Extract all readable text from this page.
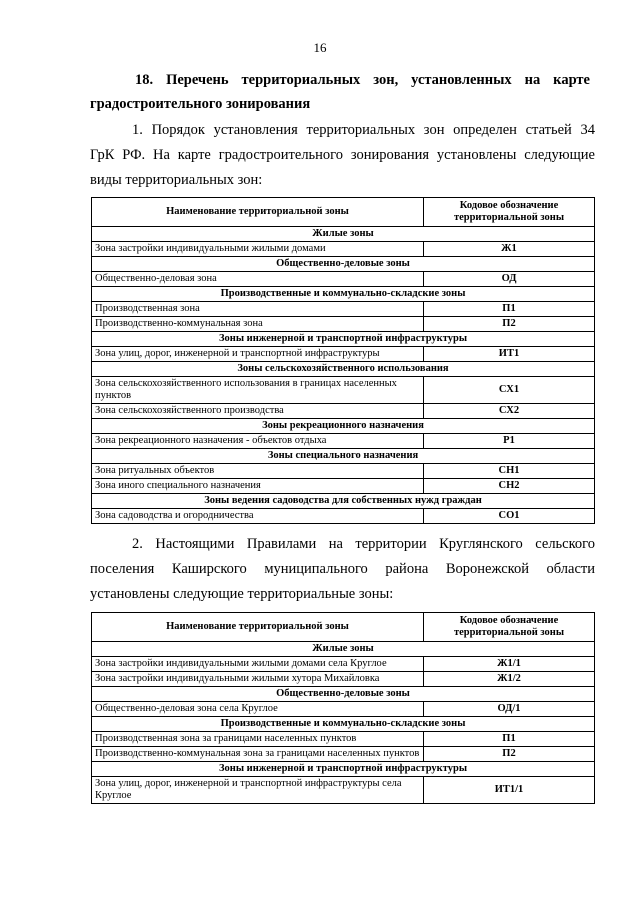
16
18. Перечень территориальных зон, установленных на карте
градостроительного зонирования
1. Порядок установления территориальных зон определен статьей 34
ГрК РФ. На карте градостроительного зонирования установлены следующие
виды территориальных зон:
Наименование территориальной зоны	Кодовое обозначение территориальной зоны
Жилые зоны	
Зона застройки индивидуальными жилыми домами	Ж1
Общественно-деловые зоны	
Общественно-деловая зона	ОД
Производственные и коммунально-складские зоны	
Производственная зона	П1
Производственно-коммунальная зона	П2
Зоны инженерной и транспортной инфраструктуры	
Зона улиц, дорог, инженерной и транспортной инфраструктуры	ИТ1
Зоны сельскохозяйственного использования	
Зона сельскохозяйственного использования в границах населенных пунктов	СХ1
Зона сельскохозяйственного производства	СХ2
Зоны рекреационного назначения	
Зона рекреационного назначения - объектов отдыха	Р1
Зоны специального назначения	
Зона ритуальных объектов	СН1
Зона иного специального назначения	СН2
Зоны ведения садоводства для собственных нужд граждан	
Зона садоводства и огородничества	СО1
2. Настоящими Правилами на территории Круглянского сельского
поселения Каширского муниципального района Воронежской области
установлены следующие территориальные зоны:
Наименование территориальной зоны	Кодовое обозначение территориальной зоны
Жилые зоны	
Зона застройки индивидуальными жилыми домами села Круглое	Ж1/1
Зона застройки индивидуальными жилыми хутора Михайловка	Ж1/2
Общественно-деловые зоны	
Общественно-деловая зона села Круглое	ОД/1
Производственные и коммунально-складские зоны	
Производственная зона за границами населенных пунктов	П1
Производственно-коммунальная зона за границами населенных пунктов	П2
Зоны инженерной и транспортной инфраструктуры	
Зона улиц, дорог, инженерной и транспортной инфраструктуры села Круглое	ИТ1/1
